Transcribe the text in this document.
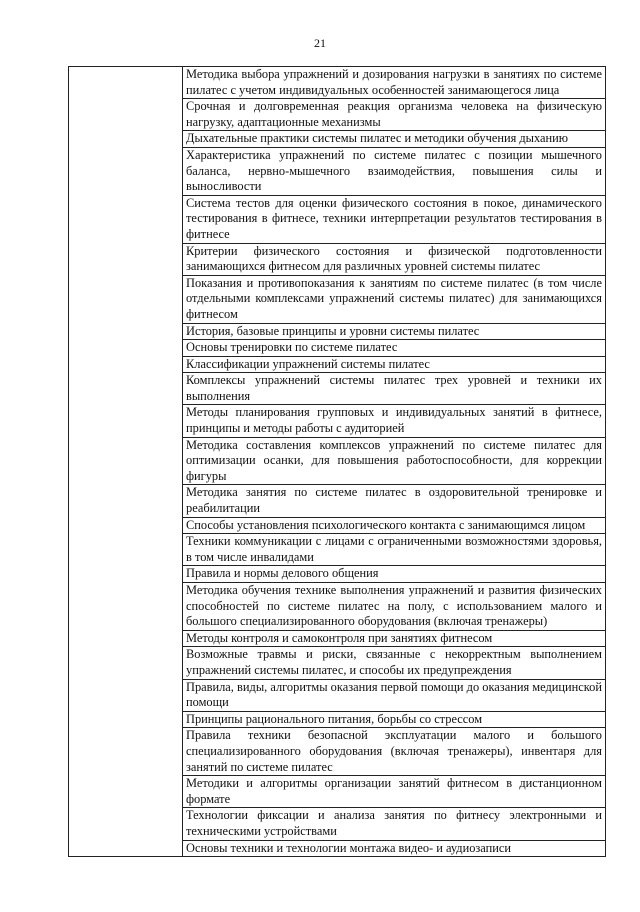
21
	Методика выбора упражнений и дозирования нагрузки в занятиях по системе пилатес с учетом индивидуальных особенностей занимающегося лица
Срочная и долговременная реакция организма человека на физическую нагрузку, адаптационные механизмы
Дыхательные практики системы пилатес и методики обучения дыханию
Характеристика упражнений по системе пилатес с позиции мышечного баланса, нервно-мышечного взаимодействия, повышения силы и выносливости
Система тестов для оценки физического состояния в покое, динамического тестирования в фитнесе, техники интерпретации результатов тестирования в фитнесе
Критерии физического состояния и физической подготовленности занимающихся фитнесом для различных уровней системы пилатес
Показания и противопоказания к занятиям по системе пилатес (в том числе отдельными комплексами упражнений системы пилатес) для занимающихся фитнесом
История, базовые принципы и уровни системы пилатес
Основы тренировки по системе пилатес
Классификации упражнений системы пилатес
Комплексы упражнений системы пилатес трех уровней и техники их выполнения
Методы планирования групповых и индивидуальных занятий в фитнесе, принципы и методы работы с аудиторией
Методика составления комплексов упражнений по системе пилатес для оптимизации осанки, для повышения работоспособности, для коррекции фигуры
Методика занятия по системе пилатес в оздоровительной тренировке и реабилитации
Способы установления психологического контакта с занимающимся лицом
Техники коммуникации с лицами с ограниченными возможностями здоровья, в том числе инвалидами
Правила и нормы делового общения
Методика обучения технике выполнения упражнений и развития физических способностей по системе пилатес на полу, с использованием малого и большого специализированного оборудования (включая тренажеры)
Методы контроля и самоконтроля при занятиях фитнесом
Возможные травмы и риски, связанные с некорректным выполнением упражнений системы пилатес, и способы их предупреждения
Правила, виды, алгоритмы оказания первой помощи до оказания медицинской помощи
Принципы рационального питания, борьбы со стрессом
Правила техники безопасной эксплуатации малого и большого специализированного оборудования (включая тренажеры), инвентаря для занятий по системе пилатес
Методики и алгоритмы организации занятий фитнесом в дистанционном формате
Технологии фиксации и анализа занятия по фитнесу электронными и техническими устройствами
Основы техники и технологии монтажа видео- и аудиозаписи
